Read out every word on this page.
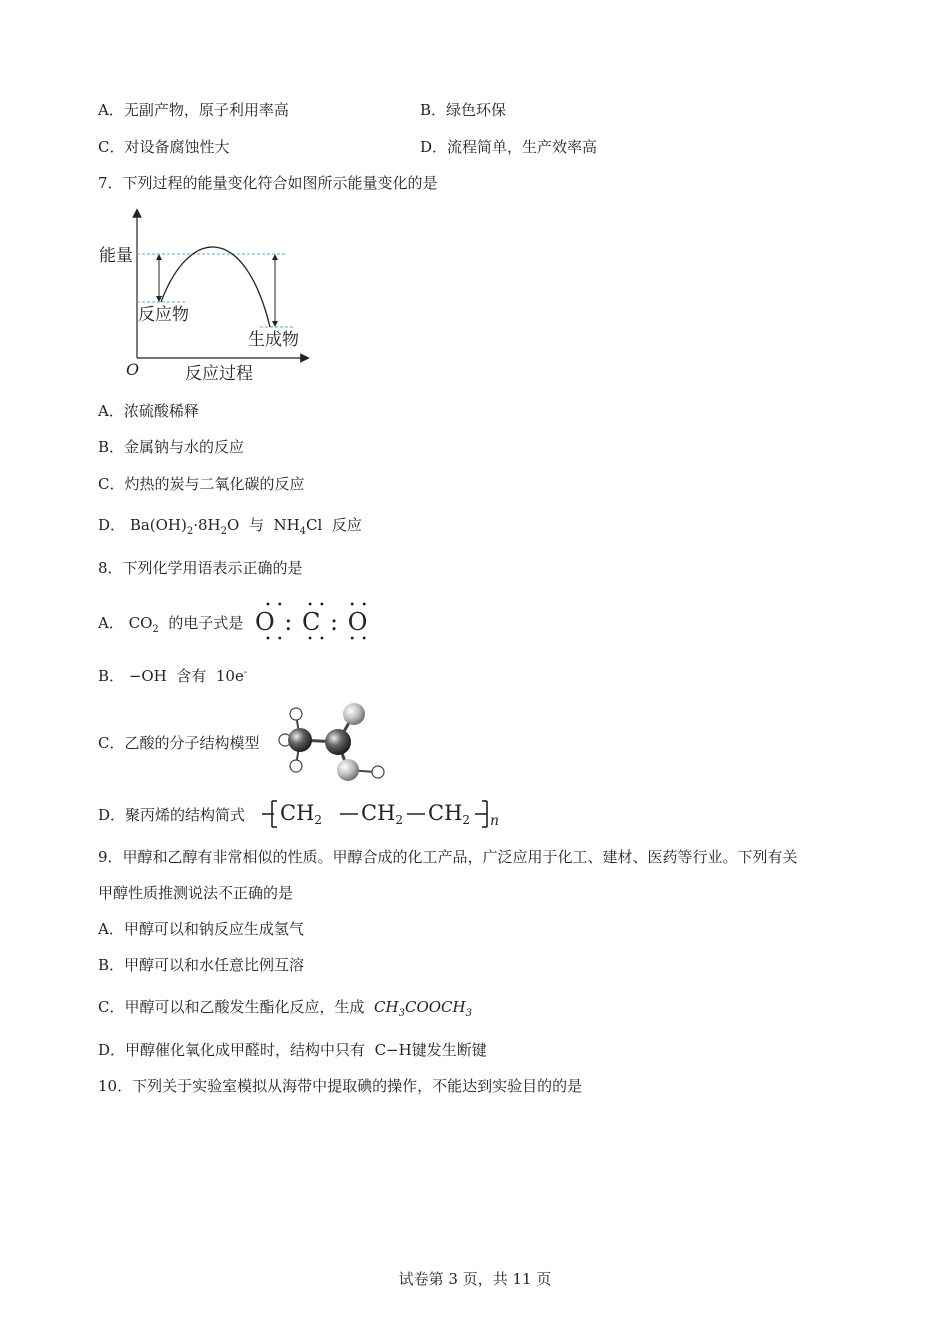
A．无副产物，原子利用率高	B．绿色环保
C．对设备腐蚀性大	D．流程简单，生产效率高
7．下列过程的能量变化符合如图所示能量变化的是
能量
反应物
生成物
O	反应过程
A．浓硫酸稀释
B．金属钠与水的反应
C．灼热的炭与二氧化碳的反应
D． $Ba(OH)_2\cdot 8H_2O$ 与 $NH_4Cl$ 反应
8．下列化学用语表示正确的是
A． $CO_2$ 的电子式是 O : C : O
••  ••  ••
••  ••  ••
B． −OH 含有 10e-
C．乙酸的分子结构模型
D．聚丙烯的结构简式 CH2 CH2 CH2 n
9．甲醇和乙醇有非常相似的性质。甲醇合成的化工产品，广泛应用于化工、建材、医药等行业。下列有关
甲醇性质推测说法不正确的是
A．甲醇可以和钠反应生成氢气
B．甲醇可以和水任意比例互溶
C．甲醇可以和乙酸发生酯化反应，生成 $CH_3COOCH_3$
D．甲醇催化氧化成甲醛时，结构中只有 C−H键发生断键
10．下列关于实验室模拟从海带中提取碘的操作，不能达到实验目的的是
试卷第 3 页，共 11 页
